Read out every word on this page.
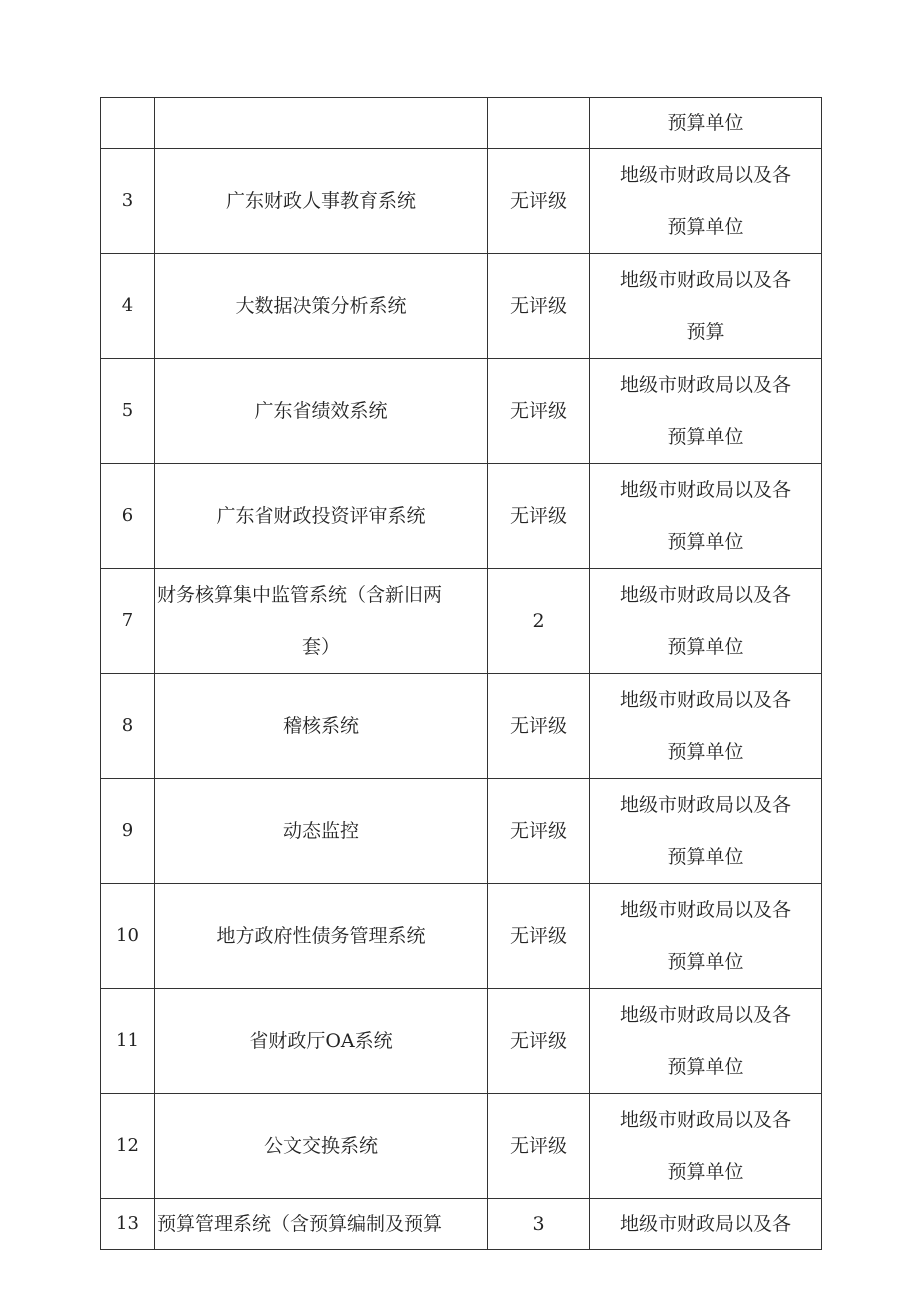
			预算单位
3	广东财政人事教育系统	无评级	地级市财政局以及各
预算单位

4	大数据决策分析系统	无评级	地级市财政局以及各
预算

5	广东省绩效系统	无评级	地级市财政局以及各
预算单位

6	广东省财政投资评审系统	无评级	地级市财政局以及各
预算单位

7	财务核算集中监管系统（含新旧两
套）	2	地级市财政局以及各
预算单位

8	稽核系统	无评级	地级市财政局以及各
预算单位

9	动态监控	无评级	地级市财政局以及各
预算单位

10	地方政府性债务管理系统	无评级	地级市财政局以及各
预算单位

11	省财政厅OA系统	无评级	地级市财政局以及各
预算单位

12	公文交换系统	无评级	地级市财政局以及各
预算单位

13	预算管理系统（含预算编制及预算	3	地级市财政局以及各
